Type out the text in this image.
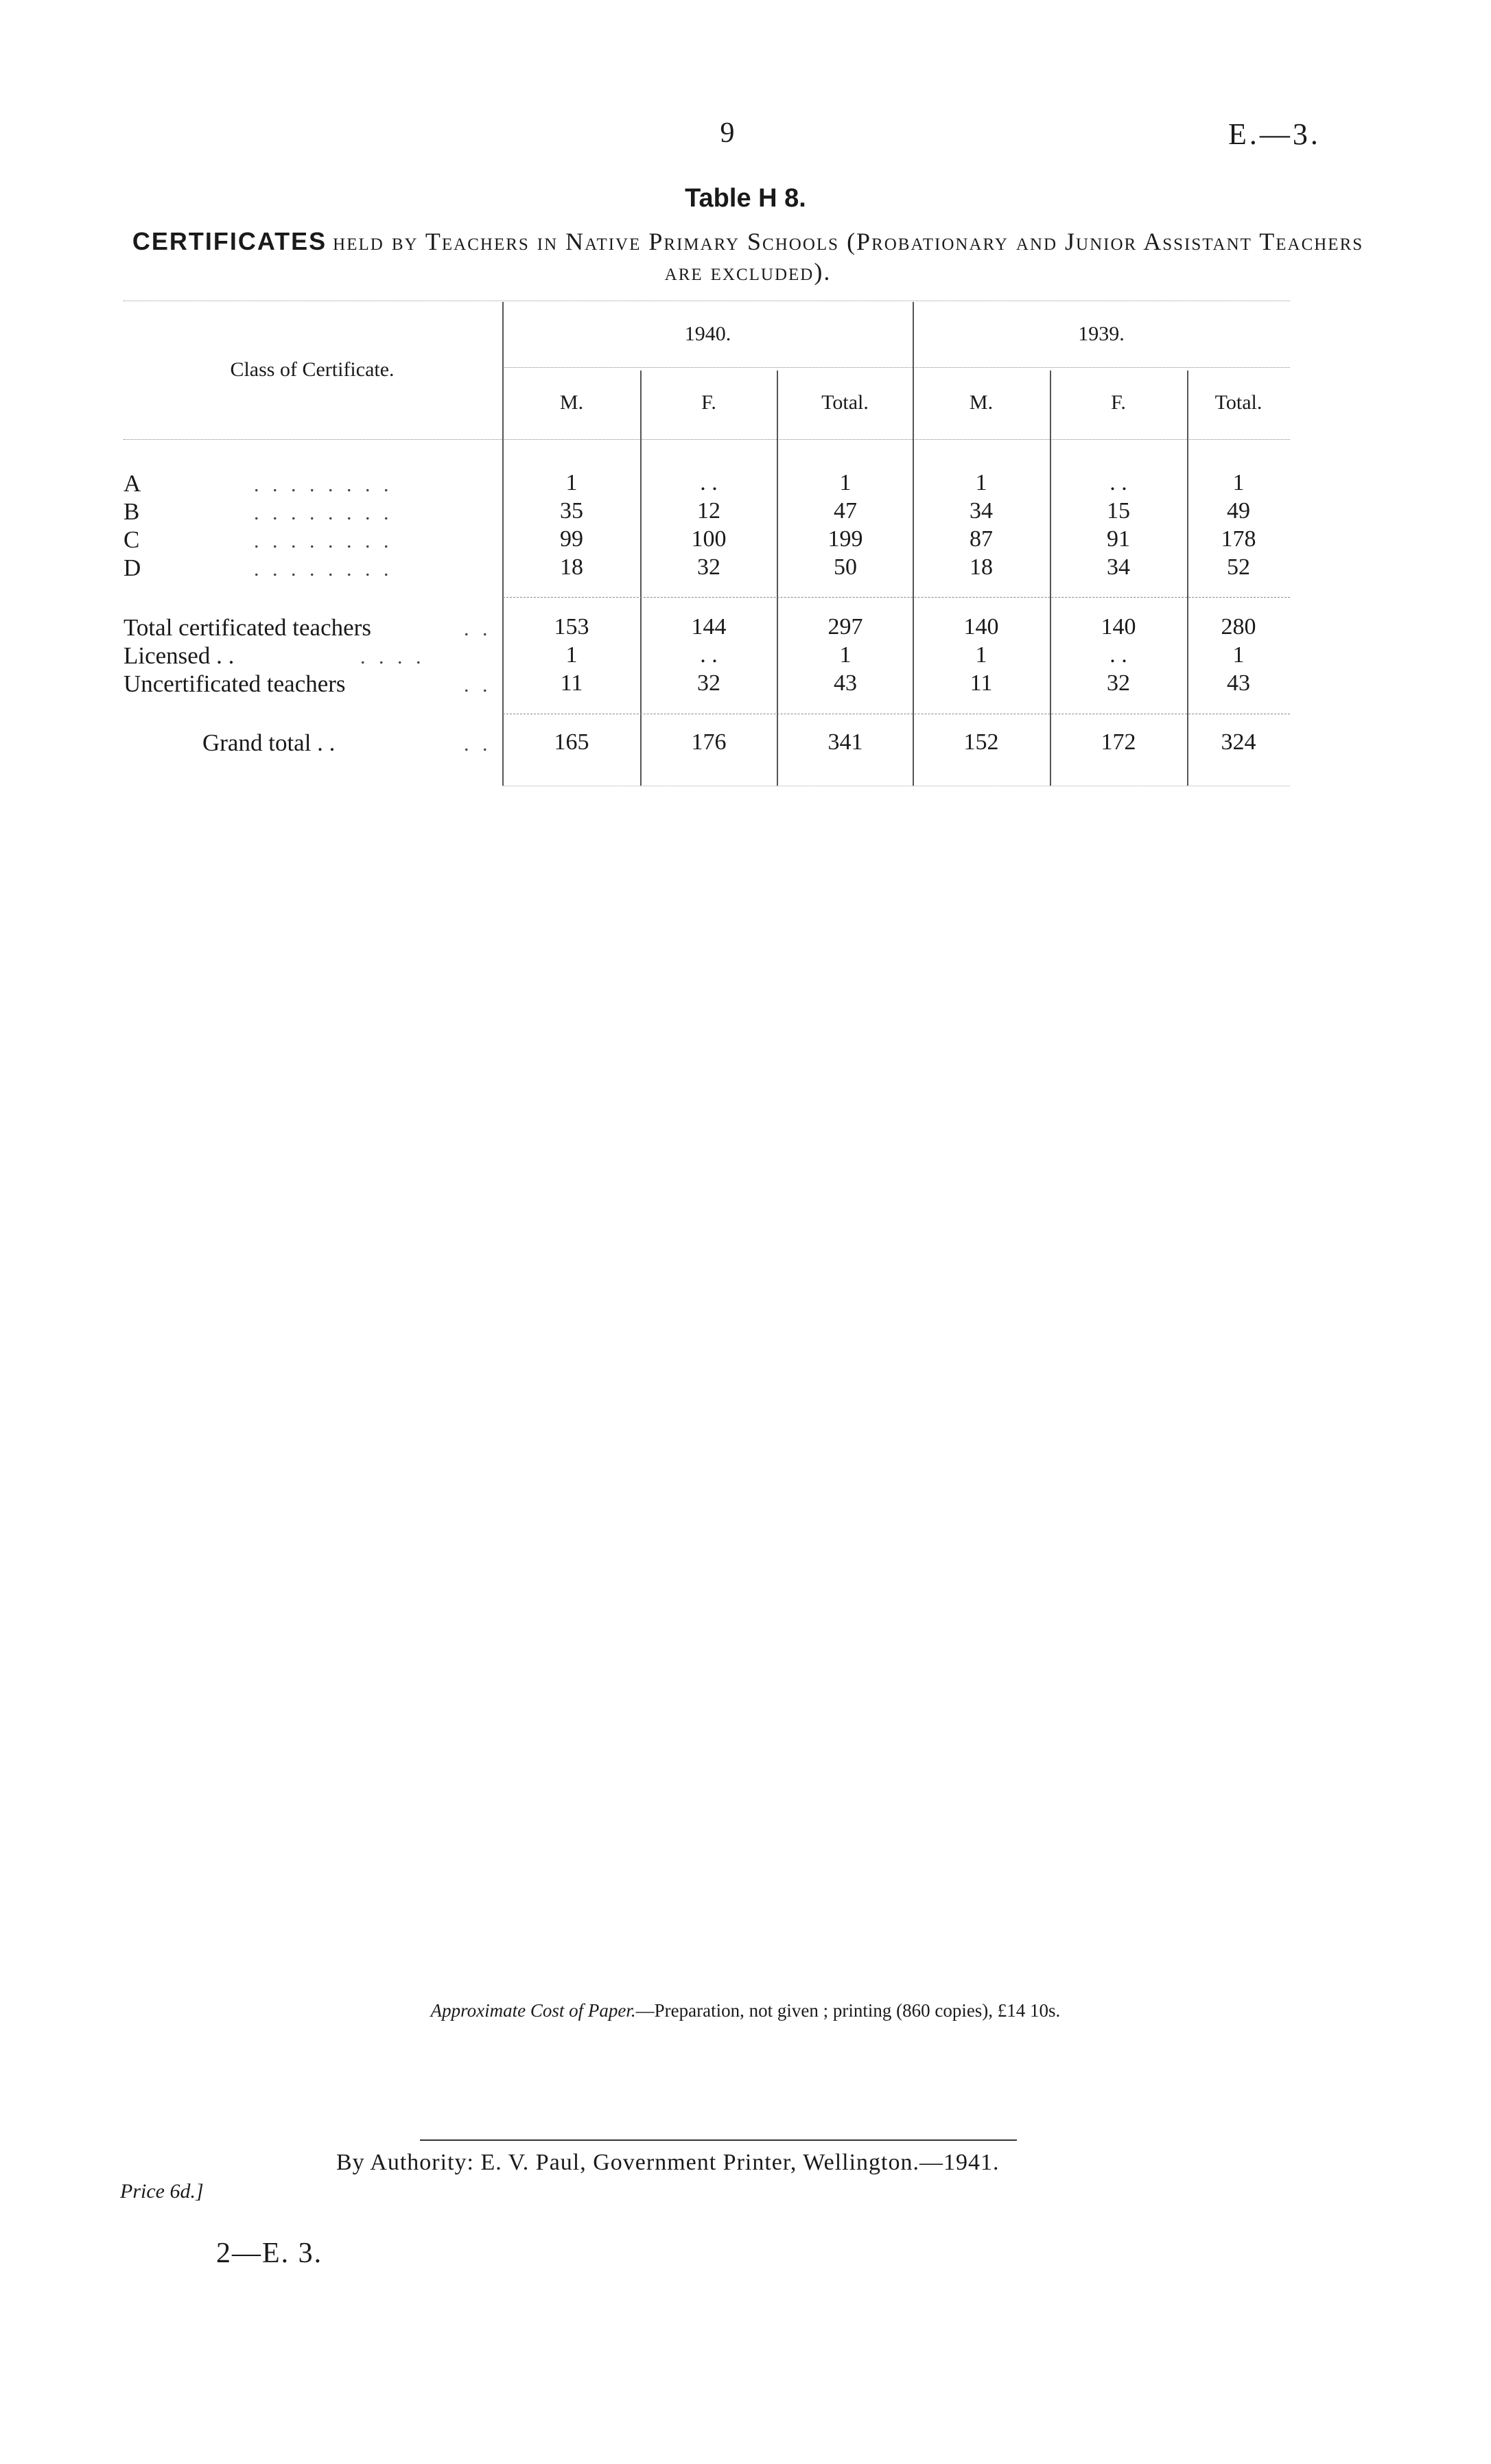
9	E.—3.
Table H 8.
CERTIFICATES held by Teachers in Native Primary Schools (Probationary and Junior Assistant Teachers are excluded).
Class of Certificate.
1940.	1939.
M.	F.	Total.	M.	F.	Total.
A	. . . . . . . .	1	. .	1	1	. .	1
B	. . . . . . . .	35	12	47	34	15	49
C	. . . . . . . .	99	100	199	87	91	178
D	. . . . . . . .	18	32	50	18	34	52
Total certificated teachers	. .	153	144	297	140	140	280
Licensed . .	. . . .	1	. .	1	1	. .	1
Uncertificated teachers	. .	11	32	43	11	32	43
Grand total . .	. .	165	176	341	152	172	324
Approximate Cost of Paper.—Preparation, not given ; printing (860 copies), £14 10s.
By Authority: E. V. Paul, Government Printer, Wellington.—1941.
Price 6d.]
2—E. 3.
